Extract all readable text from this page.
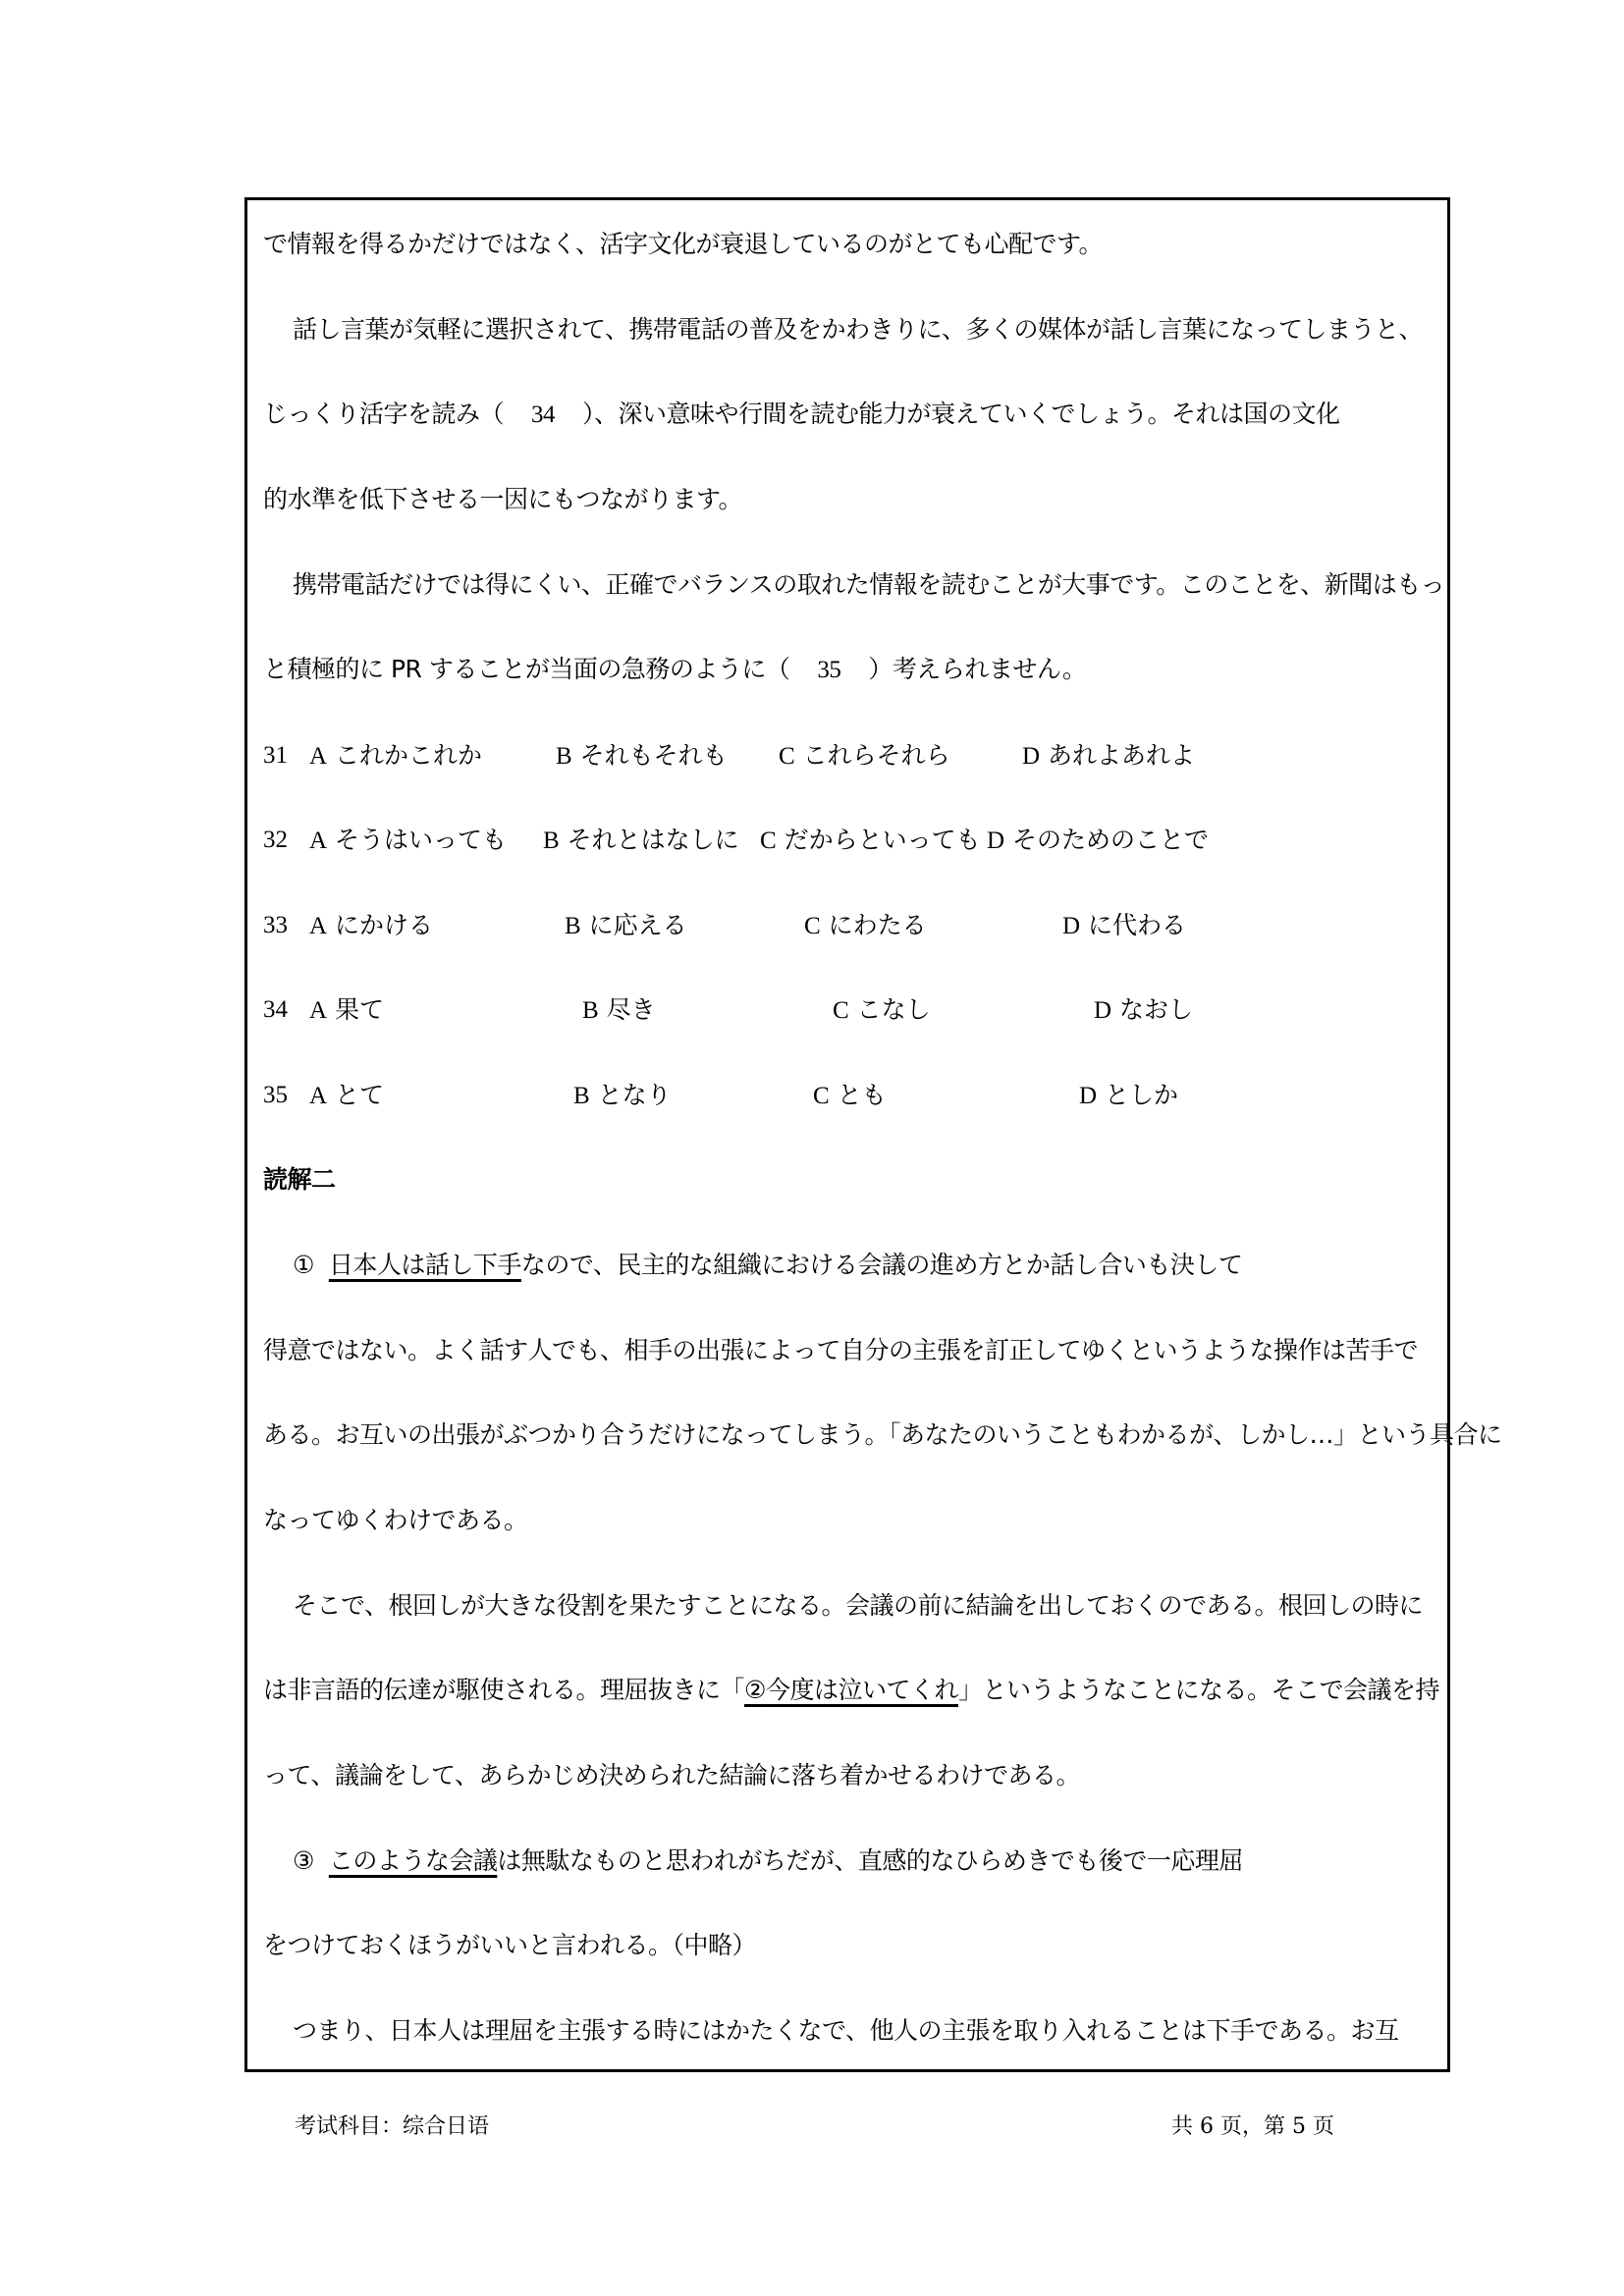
で情報を得るかだけではなく、活字文化が衰退しているのがとても心配です。
話し言葉が気軽に選択されて、携帯電話の普及をかわきりに、多くの媒体が話し言葉になってしまうと、
じっくり活字を読み（ 34 ）、深い意味や行間を読む能力が衰えていくでしょう。それは国の文化
的水準を低下させる一因にもつながります。
携帯電話だけでは得にくい、正確でバランスの取れた情報を読むことが大事です。このことを、新聞はもっ
と積極的に PR することが当面の急務のように（ 35 ）考えられません。
31 A これかこれか	B それもそれも C これらそれら	D あれよあれよ
32 A そうはいっても B それとはなしに C だからといっても D そのためのことで
33 A にかける	B に応える	C にわたる	D に代わる
34 A 果て	B 尽き	C こなし	D なおし
35 A とて	B となり	C とも	D としか
読解二
① 日本人は話し下手なので、民主的な組織における会議の進め方とか話し合いも決して
得意ではない。よく話す人でも、相手の出張によって自分の主張を訂正してゆくというような操作は苦手で
ある。お互いの出張がぶつかり合うだけになってしまう。「あなたのいうこともわかるが、しかし…」という具合に
なってゆくわけである。
そこで、根回しが大きな役割を果たすことになる。会議の前に結論を出しておくのである。根回しの時に
は非言語的伝達が駆使される。理屈抜きに「②今度は泣いてくれ」というようなことになる。そこで会議を持
って、議論をして、あらかじめ決められた結論に落ち着かせるわけである。
③ このような会議は無駄なものと思われがちだが、直感的なひらめきでも後で一応理屈
をつけておくほうがいいと言われる。（中略）
つまり、日本人は理屈を主張する時にはかたくなで、他人の主張を取り入れることは下手である。お互
考试科目：综合日语	共 6 页，第 5 页
